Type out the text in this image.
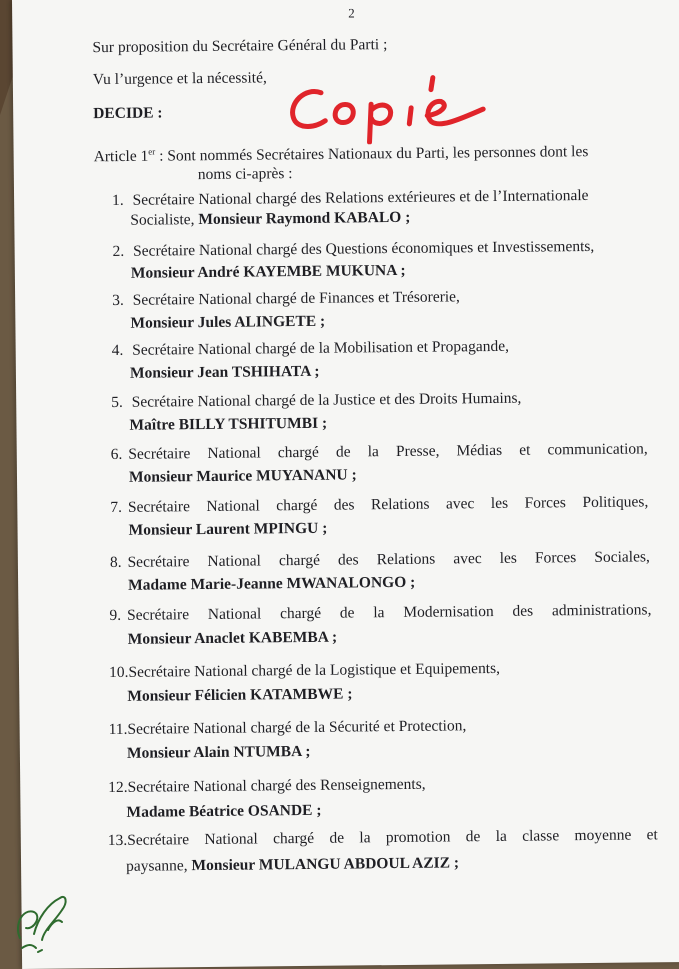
2
Sur proposition du Secrétaire Général du Parti ;
Vu l’urgence et la nécessité,
DECIDE :
Article 1er : Sont nommés Secrétaires Nationaux du Parti, les personnes dont les
noms ci-après :
1. Secrétaire National chargé des Relations extérieures et de l’Internationale
Socialiste, Monsieur Raymond KABALO ;
2. Secrétaire National chargé des Questions économiques et Investissements,
Monsieur André KAYEMBE MUKUNA ;
3. Secrétaire National chargé de Finances et Trésorerie,
Monsieur Jules ALINGETE ;
4. Secrétaire National chargé de la Mobilisation et Propagande,
Monsieur Jean TSHIHATA ;
5. Secrétaire National chargé de la Justice et des Droits Humains,
Maître BILLY TSHITUMBI ;
6. Secrétaire National chargé de la Presse, Médias et communication,
Monsieur Maurice MUYANANU ;
7. Secrétaire National chargé des Relations avec les Forces Politiques,
Monsieur Laurent MPINGU ;
8. Secrétaire National chargé des Relations avec les Forces Sociales,
Madame Marie-Jeanne MWANALONGO ;
9. Secrétaire National chargé de la Modernisation des administrations,
Monsieur Anaclet KABEMBA ;
10.Secrétaire National chargé de la Logistique et Equipements,
Monsieur Félicien KATAMBWE ;
11.Secrétaire National chargé de la Sécurité et Protection,
Monsieur Alain NTUMBA ;
12.Secrétaire National chargé des Renseignements,
Madame Béatrice OSANDE ;
13. Secrétaire National chargé de la promotion de la classe moyenne et
paysanne, Monsieur MULANGU ABDOUL AZIZ ;
